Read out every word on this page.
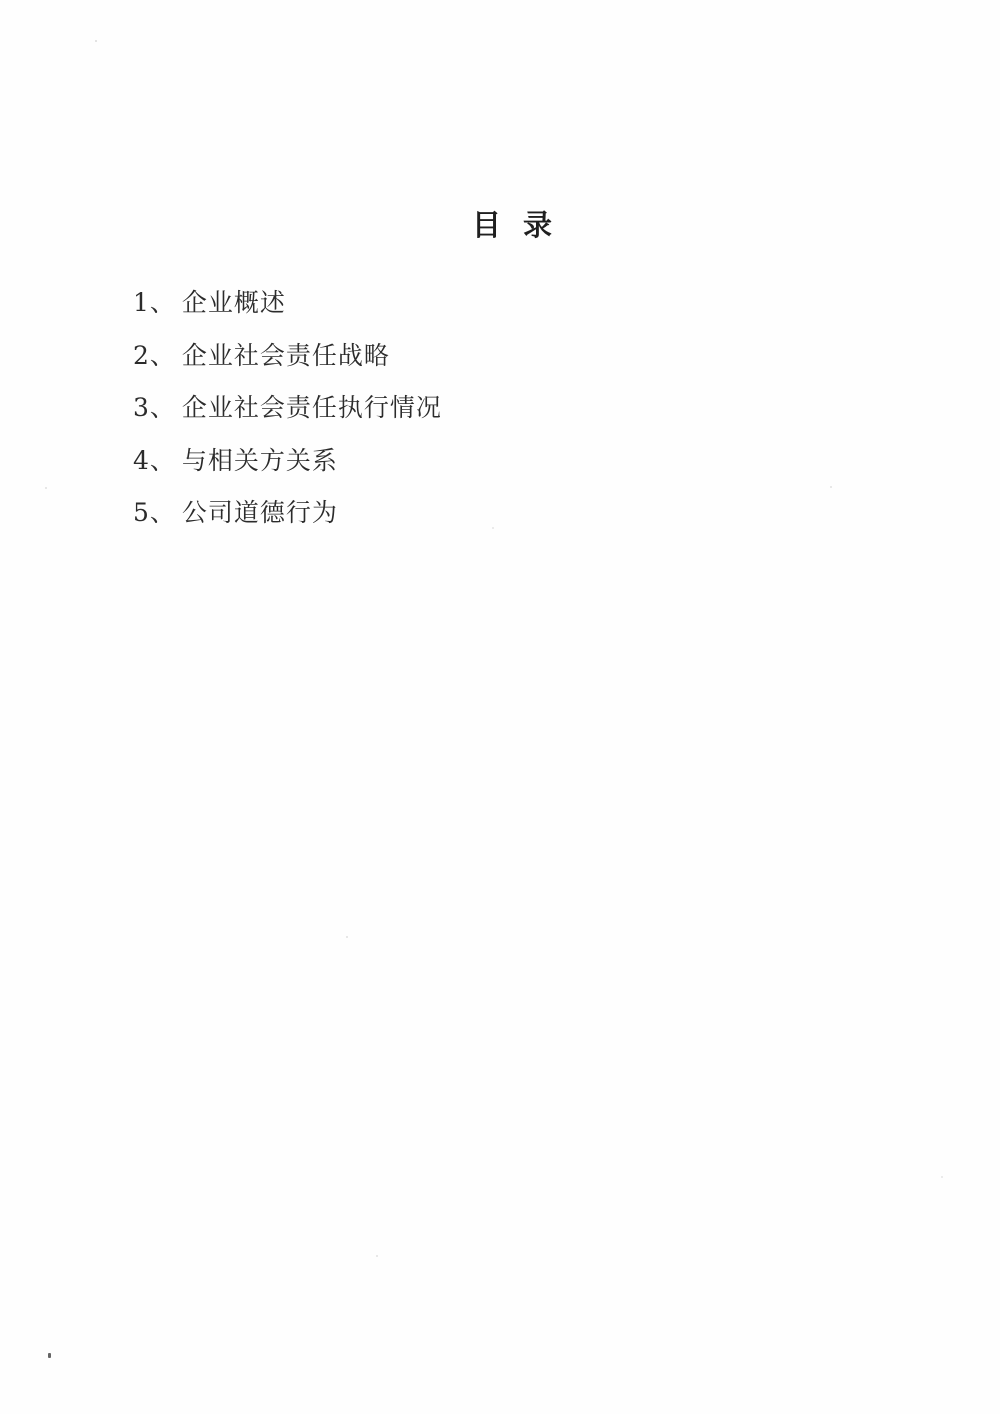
目 录
1、 企业概述
2、 企业社会责任战略
3、 企业社会责任执行情况
4、 与相关方关系
5、 公司道德行为
